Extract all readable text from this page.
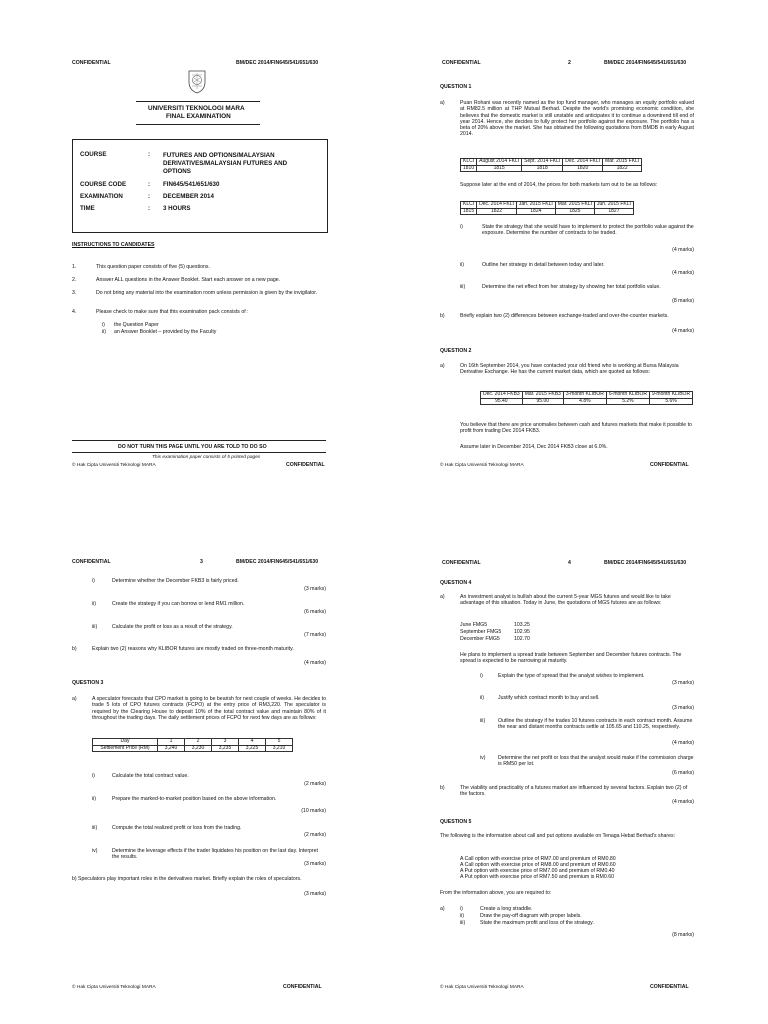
CONFIDENTIAL	BM/DEC 2014/FIN645/541/651/630
UNIVERSITI TEKNOLOGI MARA
FINAL EXAMINATION
COURSE	: FUTURES AND OPTIONS/MALAYSIAN DERIVATIVES/MALAYSIAN FUTURES AND OPTIONS
COURSE CODE	: FIN645/541/651/630
EXAMINATION	: DECEMBER 2014
TIME	: 3 HOURS
INSTRUCTIONS TO CANDIDATES
1.	This question paper consists of five (5) questions.
2.	Answer ALL questions in the Answer Booklet. Start each answer on a new page.
3.	Do not bring any material into the examination room unless permission is given by the invigilator.
4.	Please check to make sure that this examination pack consists of :
i) the Question Paper
ii) an Answer Booklet – provided by the Faculty
DO NOT TURN THIS PAGE UNTIL YOU ARE TOLD TO DO SO
This examination paper consists of 5 printed pages
© Hak Cipta Universiti Teknologi MARA	CONFIDENTIAL
CONFIDENTIAL	2	BM/DEC 2014/FIN645/541/651/630
QUESTION 1
a)	Puan Rohani was recently named as the top fund manager, who manages an equity portfolio valued at RM82.5 million at THP Mutual Berhad. Despite the world's promising economic condition, she believes that the domestic market is still unstable and anticipates it to continue a downtrend till end of year 2014. Hence, she decides to fully protect her portfolio against the exposure. The portfolio has a beta of 20% above the market. She has obtained the following quotations from BMDB in early August 2014.
KLCI	August 2014 FKLI	Sept. 2014 FKLI	Dec. 2014 FKLI	Mar. 2015 FKLI
1810	1815	1818	1820	1822
Suppose later at the end of 2014, the prices for both markets turn out to be as follows:
KLCI	Dec. 2014 FKLI	Jan. 2015 FKLI	Mar. 2015 FKLI	Jun. 2015 FKLI
1815	1822	1824	1825	1827
i)	State the strategy that she would have to implement to protect the portfolio value against the exposure. Determine the number of contracts to be traded.
(4 marks)
ii)	Outline her strategy in detail between today and later.
(4 marks)
iii)	Determine the net effect from her strategy by showing her total portfolio value.
(8 marks)
b)	Briefly explain two (2) differences between exchange-traded and over-the-counter markets.
(4 marks)
QUESTION 2
a)	On 16th September 2014, you have contacted your old friend who is working at Bursa Malaysia Derivative Exchange. He has the current market data, which are quoted as follows:
Dec. 2014 FKB3	Mar. 2015 FKB3	3-month KLIBOR	6-month KLIBOR	9-month KLIBOR
95.40	95.00	4.8%	5.2%	5.6%
You believe that there are price anomalies between cash and futures markets that make it possible to profit from trading Dec 2014 FKB3.
Assume later in December 2014, Dec 2014 FKB3 close at 6.0%.
© Hak Cipta Universiti Teknologi MARA	CONFIDENTIAL
CONFIDENTIAL	3	BM/DEC 2014/FIN645/541/651/630
i)	Determine whether the December FKB3 is fairly priced.
(3 marks)
ii)	Create the strategy if you can borrow or lend RM1 million.
(6 marks)
iii)	Calculate the profit or loss as a result of the strategy.
(7 marks)
b)	Explain two (2) reasons why KLIBOR futures are mostly traded on three-month maturity.
(4 marks)
QUESTION 3
a)	A speculator forecasts that CPO market is going to be bearish for next couple of weeks. He decides to trade 5 lots of CPO futures contracts (FCPO) at the entry price of RM3,220. The speculator is required by the Clearing House to deposit 10% of the total contract value and maintain 80% of it throughout the trading days. The daily settlement prices of FCPO for next few days are as follows:
Day	1	2	3	4	5
Settlement Price (RM)	3,240	3,230	3,235	3,225	3,210
i)	Calculate the total contract value.
(2 marks)
ii)	Prepare the marked-to-market position based on the above information.
(10 marks)
iii)	Compute the total realized profit or loss from the trading.
(2 marks)
iv)	Determine the leverage effects if the trader liquidates his position on the last day. Interpret the results.
(3 marks)
b) Speculators play important roles in the derivatives market. Briefly explain the roles of speculators.
(3 marks)
© Hak Cipta Universiti Teknologi MARA	CONFIDENTIAL
CONFIDENTIAL	4	BM/DEC 2014/FIN645/541/651/630
QUESTION 4
a)	An investment analyst is bullish about the current 5-year MGS futures and would like to take advantage of this situation. Today in June, the quotations of MGS futures are as follows:
June FMG5	103.25
September FMG5 102.95
December FMG5	102.70
He plans to implement a spread trade between September and December futures contracts. The spread is expected to be narrowing at maturity.
i)	Explain the type of spread that the analyst wishes to implement.
(3 marks)
ii)	Justify which contract month to buy and sell.
(3 marks)
iii) Outline the strategy if he trades 10 futures contracts in each contract month. Assume the near and distant months contracts settle at 105.65 and 110.25, respectively.
(4 marks)
iv) Determine the net profit or loss that the analyst would make if the commission charge is RM50 per lot.
(6 marks)
b)	The viability and practicality of a futures market are influenced by several factors. Explain two (2) of the factors.
(4 marks)
QUESTION 5
The following is the information about call and put options available on Tenaga Hebat Berhad's shares:
A Call option with exercise price of RM7.00 and premium of RM0.80
A Call option with exercise price of RM8.00 and premium of RM0.60
A Put option with exercise price of RM7.00 and premium of RM0.40
A Put option with exercise price of RM7.50 and premium is RM0.60
From the information above, you are required to:
a)	i)	Create a long straddle.
ii)	Draw the pay-off diagram with proper labels.
iii)	State the maximum profit and loss of the strategy.
(8 marks)
© Hak Cipta Universiti Teknologi MARA	CONFIDENTIAL
